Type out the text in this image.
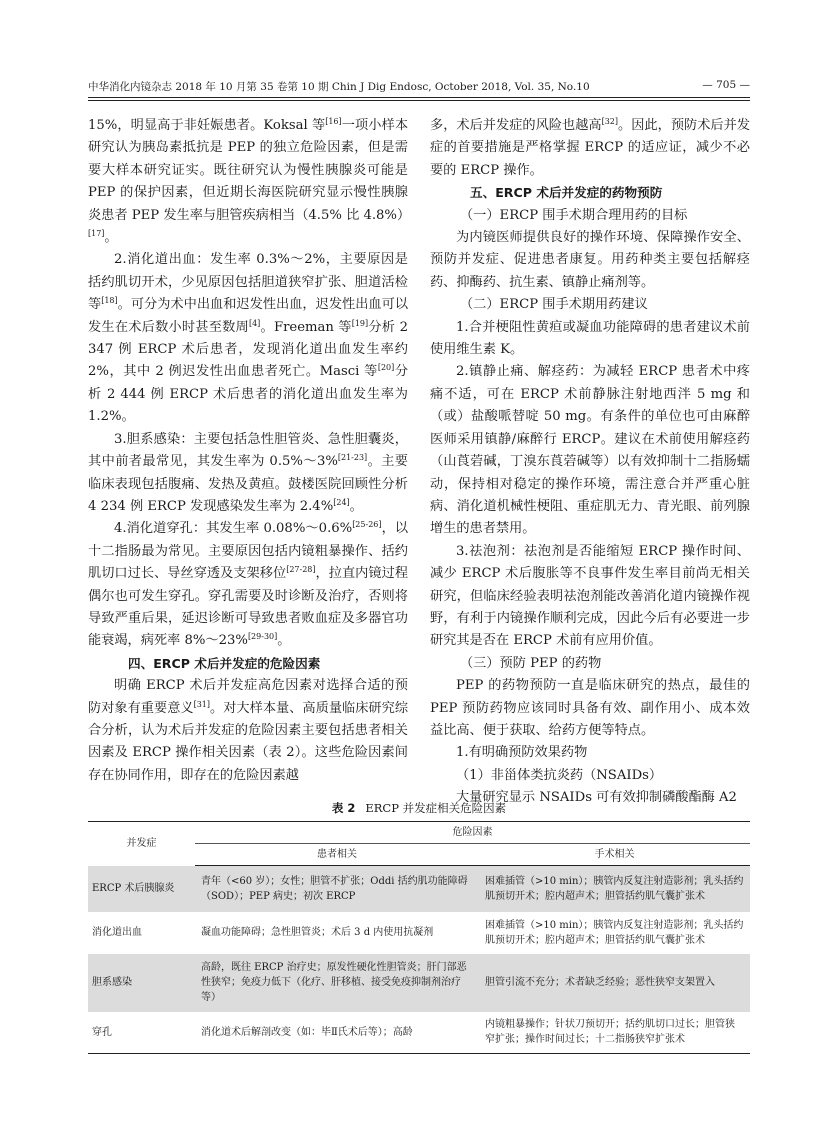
中华消化内镜杂志 2018 年 10 月第 35 卷第 10 期 Chin J Dig Endosc, October 2018, Vol. 35, No.10	— 705 —

15%，明显高于非妊娠患者。Koksal 等[16]一项小样本研究认为胰岛素抵抗是 PEP 的独立危险因素，但是需要大样本研究证实。既往研究认为慢性胰腺炎可能是 PEP 的保护因素，但近期长海医院研究显示慢性胰腺炎患者 PEP 发生率与胆管疾病相当（4.5% 比 4.8%）[17]。

2.消化道出血：发生率 0.3%～2%，主要原因是括约肌切开术，少见原因包括胆道狭窄扩张、胆道活检等[18]。可分为术中出血和迟发性出血，迟发性出血可以发生在术后数小时甚至数周[4]。Freeman 等[19]分析 2 347 例 ERCP 术后患者，发现消化道出血发生率约 2%，其中 2 例迟发性出血患者死亡。Masci 等[20]分析 2 444 例 ERCP 术后患者的消化道出血发生率为 1.2%。

3.胆系感染：主要包括急性胆管炎、急性胆囊炎，其中前者最常见，其发生率为 0.5%～3%[21-23]。主要临床表现包括腹痛、发热及黄疸。鼓楼医院回顾性分析 4 234 例 ERCP 发现感染发生率为 2.4%[24]。

4.消化道穿孔：其发生率 0.08%～0.6%[25-26]，以十二指肠最为常见。主要原因包括内镜粗暴操作、括约肌切口过长、导丝穿透及支架移位[27-28]，拉直内镜过程偶尔也可发生穿孔。穿孔需要及时诊断及治疗，否则将导致严重后果，延迟诊断可导致患者败血症及多器官功能衰竭，病死率 8%～23%[29-30]。

四、ERCP 术后并发症的危险因素

明确 ERCP 术后并发症高危因素对选择合适的预防对象有重要意义[31]。对大样本量、高质量临床研究综合分析，认为术后并发症的危险因素主要包括患者相关因素及 ERCP 操作相关因素（表 2）。这些危险因素间存在协同作用，即存在的危险因素越

多，术后并发症的风险也越高[32]。因此，预防术后并发症的首要措施是严格掌握 ERCP 的适应证，减少不必要的 ERCP 操作。

五、ERCP 术后并发症的药物预防

（一）ERCP 围手术期合理用药的目标

为内镜医师提供良好的操作环境、保障操作安全、预防并发症、促进患者康复。用药种类主要包括解痉药、抑酶药、抗生素、镇静止痛剂等。

（二）ERCP 围手术期用药建议

1.合并梗阻性黄疸或凝血功能障碍的患者建议术前使用维生素 K。

2.镇静止痛、解痉药：为减轻 ERCP 患者术中疼痛不适，可在 ERCP 术前静脉注射地西泮 5 mg 和（或）盐酸哌替啶 50 mg。有条件的单位也可由麻醉医师采用镇静/麻醉行 ERCP。建议在术前使用解痉药（山莨菪碱，丁溴东莨菪碱等）以有效抑制十二指肠蠕动，保持相对稳定的操作环境，需注意合并严重心脏病、消化道机械性梗阻、重症肌无力、青光眼、前列腺增生的患者禁用。

3.祛泡剂：祛泡剂是否能缩短 ERCP 操作时间、减少 ERCP 术后腹胀等不良事件发生率目前尚无相关研究，但临床经验表明祛泡剂能改善消化道内镜操作视野，有利于内镜操作顺利完成，因此今后有必要进一步研究其是否在 ERCP 术前有应用价值。

（三）预防 PEP 的药物

PEP 的药物预防一直是临床研究的热点，最佳的 PEP 预防药物应该同时具备有效、副作用小、成本效益比高、便于获取、给药方便等特点。

1.有明确预防效果药物

（1）非甾体类抗炎药（NSAIDs）

大量研究显示 NSAIDs 可有效抑制磷酸酯酶 A2

表 2 ERCP 并发症相关危险因素
并发症	危险因素	
	患者相关	手术相关
ERCP 术后胰腺炎	青年（<60 岁）；女性；胆管不扩张；Oddi 括约肌功能障碍（SOD）；PEP 病史；初次 ERCP	困难插管（>10 min）；胰管内反复注射造影剂；乳头括约肌预切开术；腔内超声术；胆管括约肌气囊扩张术
消化道出血	凝血功能障碍；急性胆管炎；术后 3 d 内使用抗凝剂	困难插管（>10 min）；胰管内反复注射造影剂；乳头括约肌预切开术；腔内超声术；胆管括约肌气囊扩张术
胆系感染	高龄，既往 ERCP 治疗史；原发性硬化性胆管炎；肝门部恶性狭窄；免疫力低下（化疗、肝移植、接受免疫抑制剂治疗等）	胆管引流不充分；术者缺乏经验；恶性狭窄支架置入
穿孔	消化道术后解剖改变（如：毕Ⅱ氏术后等）；高龄	内镜粗暴操作；针状刀预切开；括约肌切口过长；胆管狭窄扩张；操作时间过长；十二指肠狭窄扩张术
